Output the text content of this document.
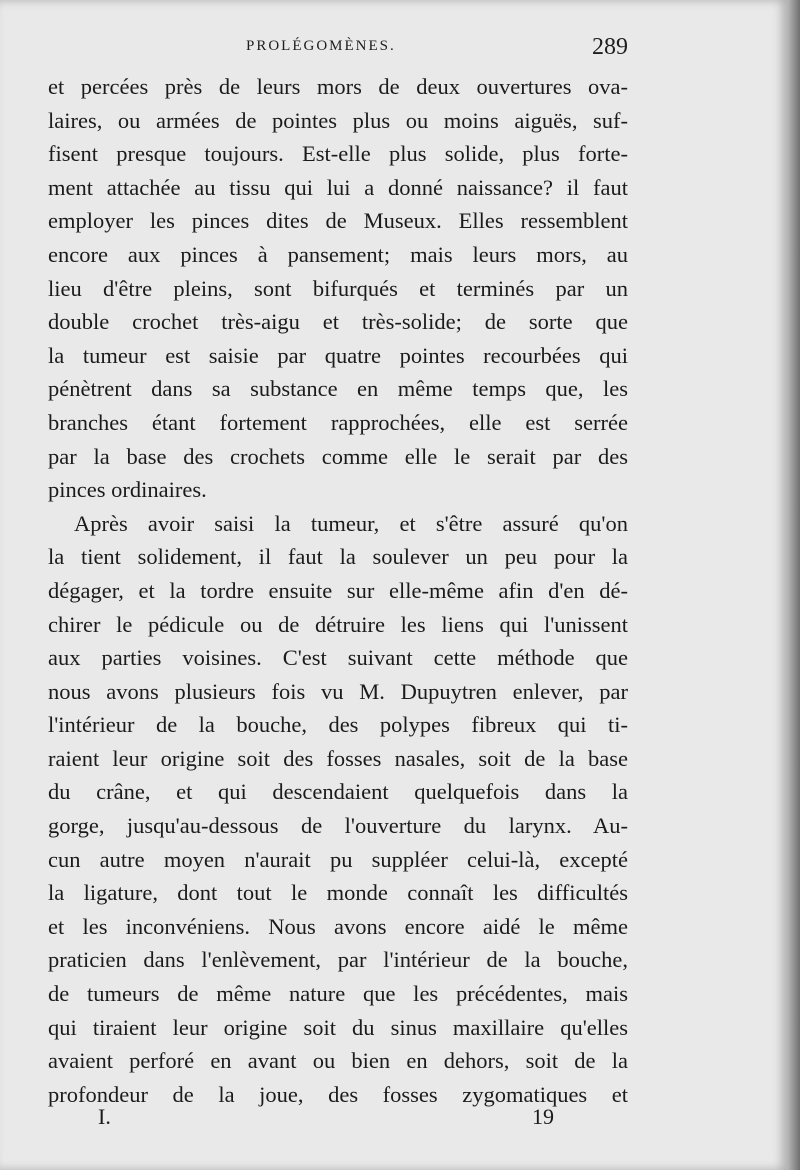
PROLÉGOMÈNES.	289
et percées près de leurs mors de deux ouvertures ova-
laires, ou armées de pointes plus ou moins aiguës, suf-
fisent presque toujours. Est-elle plus solide, plus forte-
ment attachée au tissu qui lui a donné naissance? il faut
employer les pinces dites de Museux. Elles ressemblent
encore aux pinces à pansement; mais leurs mors, au
lieu d'être pleins, sont bifurqués et terminés par un
double crochet très-aigu et très-solide; de sorte que
la tumeur est saisie par quatre pointes recourbées qui
pénètrent dans sa substance en même temps que, les
branches étant fortement rapprochées, elle est serrée
par la base des crochets comme elle le serait par des
pinces ordinaires.
Après avoir saisi la tumeur, et s'être assuré qu'on
la tient solidement, il faut la soulever un peu pour la
dégager, et la tordre ensuite sur elle-même afin d'en dé-
chirer le pédicule ou de détruire les liens qui l'unissent
aux parties voisines. C'est suivant cette méthode que
nous avons plusieurs fois vu M. Dupuytren enlever, par
l'intérieur de la bouche, des polypes fibreux qui ti-
raient leur origine soit des fosses nasales, soit de la base
du crâne, et qui descendaient quelquefois dans la
gorge, jusqu'au-dessous de l'ouverture du larynx. Au-
cun autre moyen n'aurait pu suppléer celui-là, excepté
la ligature, dont tout le monde connaît les difficultés
et les inconvéniens. Nous avons encore aidé le même
praticien dans l'enlèvement, par l'intérieur de la bouche,
de tumeurs de même nature que les précédentes, mais
qui tiraient leur origine soit du sinus maxillaire qu'elles
avaient perforé en avant ou bien en dehors, soit de la
profondeur de la joue, des fosses zygomatiques et
I.	19
